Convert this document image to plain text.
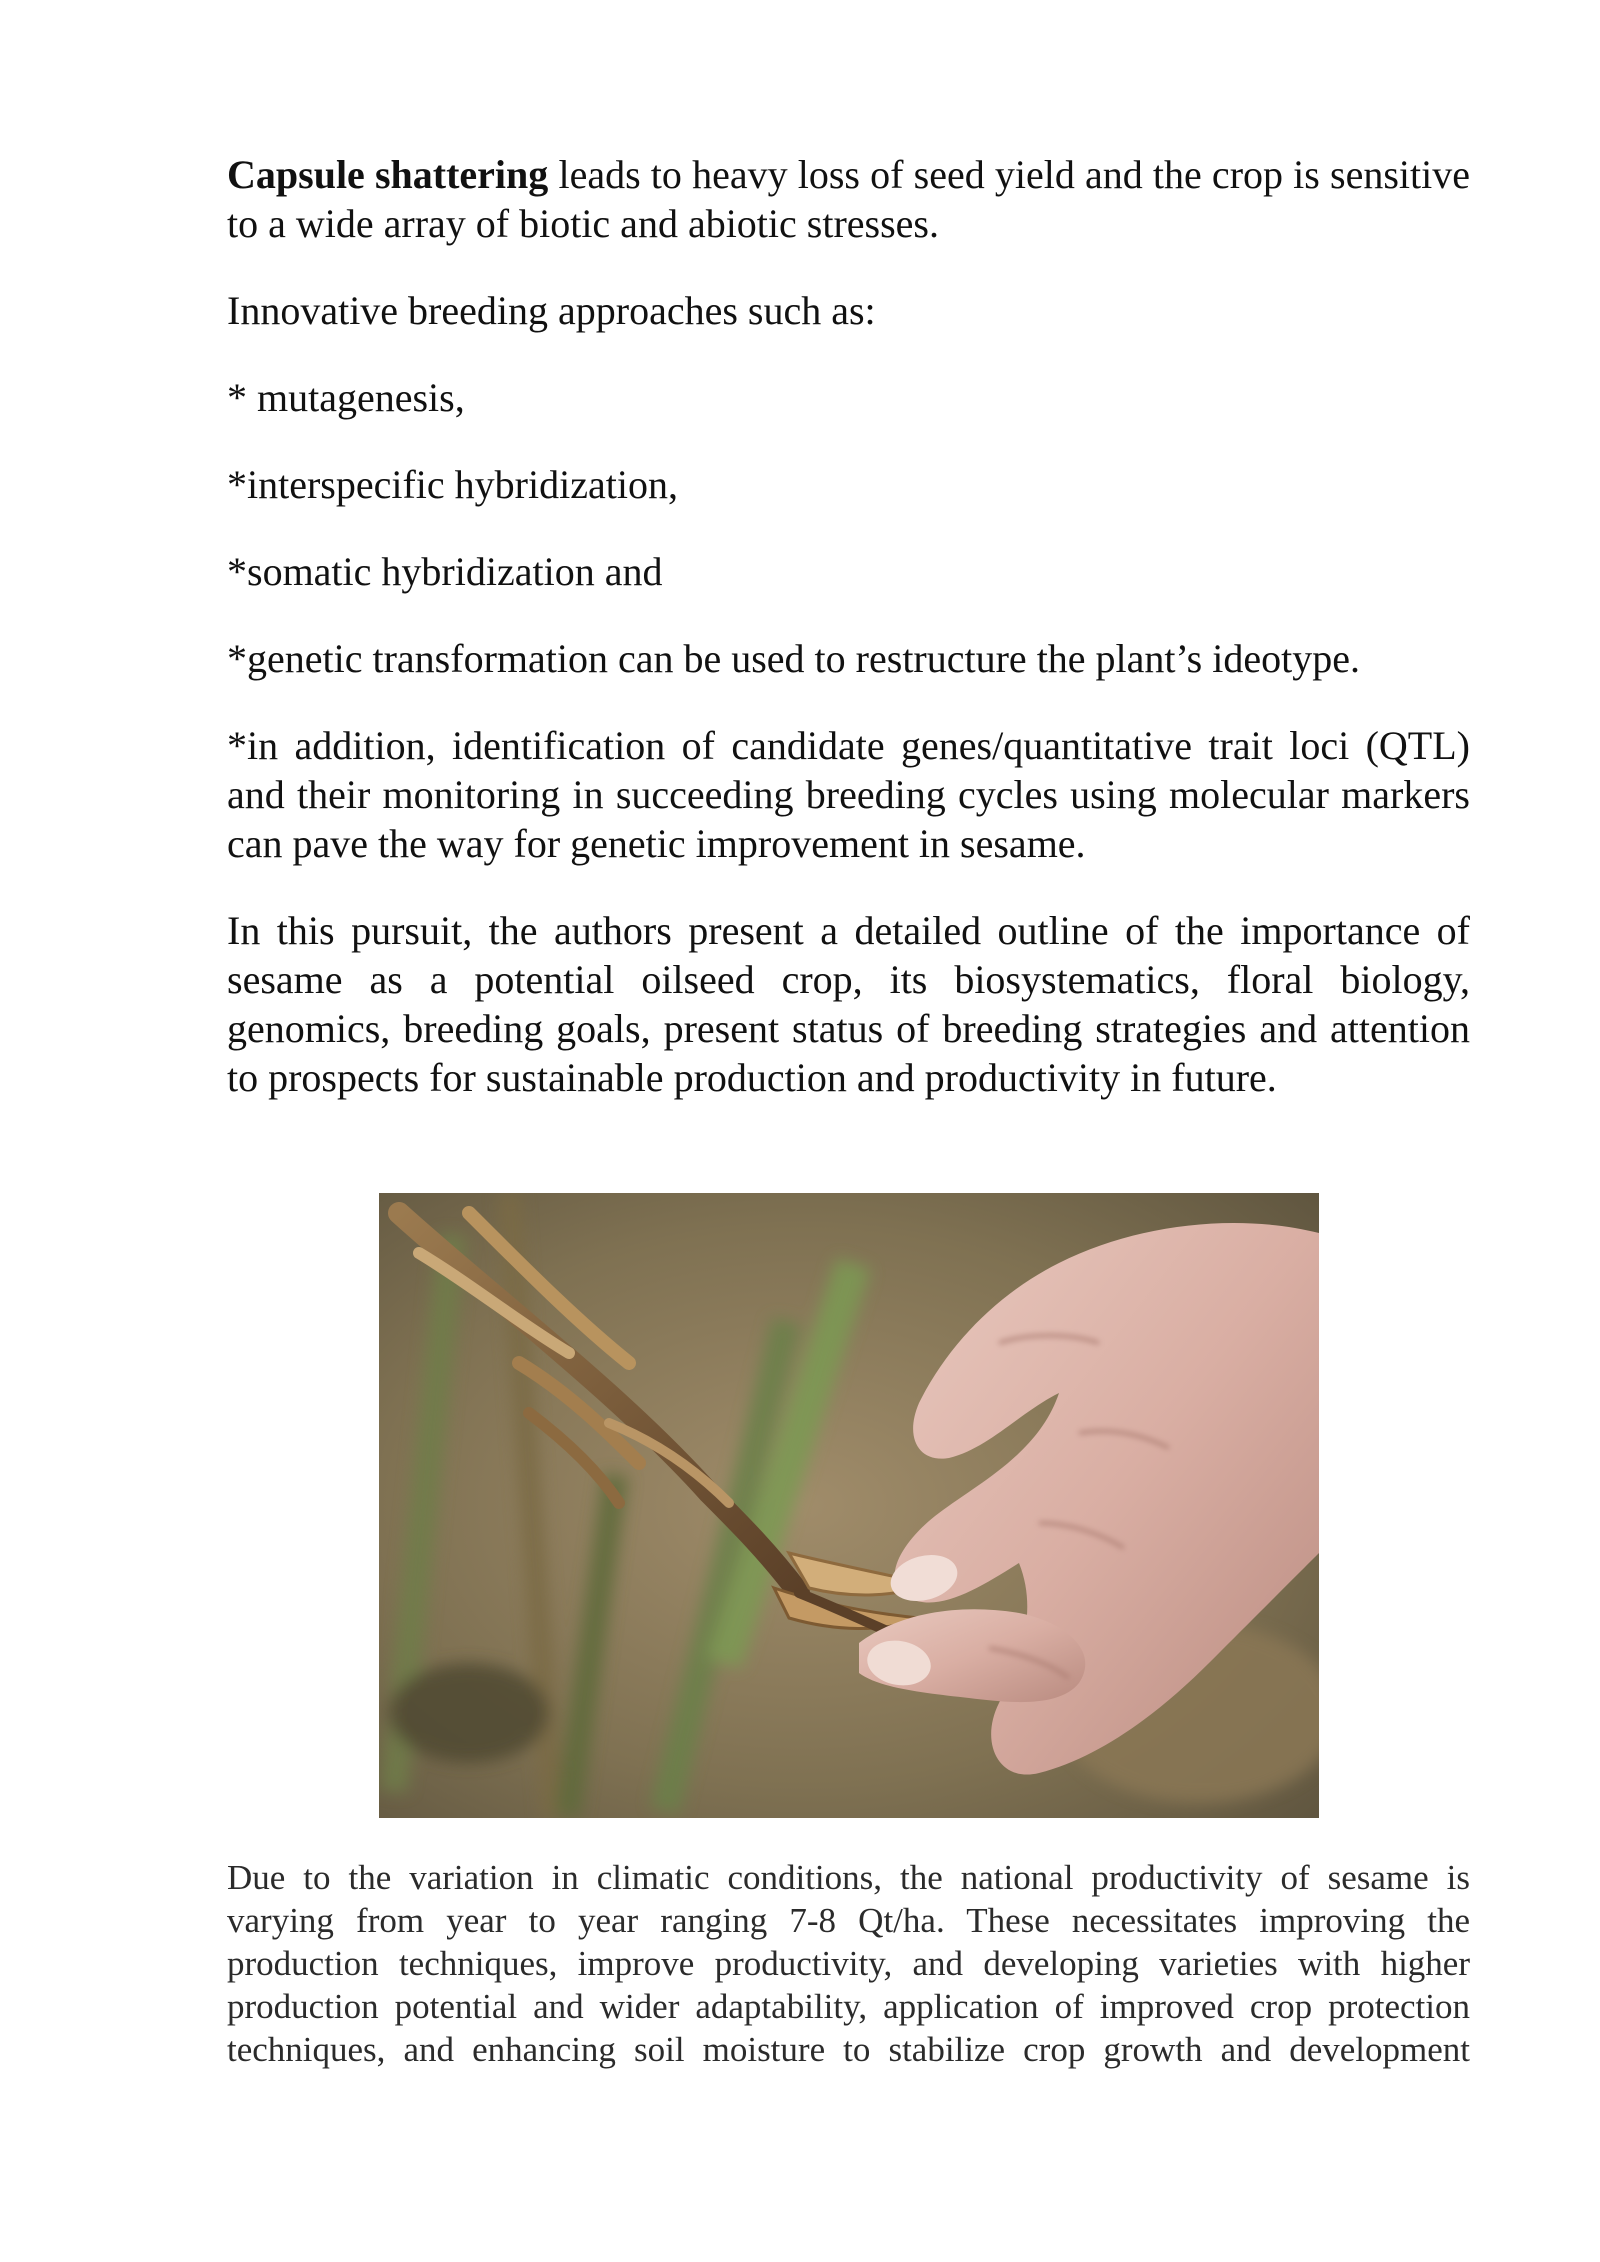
Capsule shattering leads to heavy loss of seed yield and the crop is sensitive to a wide array of biotic and abiotic stresses.

Innovative breeding approaches such as:

* mutagenesis,

*interspecific hybridization,

*somatic hybridization and

*genetic transformation can be used to restructure the plant’s ideotype.

*in addition, identification of candidate genes/quantitative trait loci (QTL) and their monitoring in succeeding breeding cycles using molecular markers can pave the way for genetic improvement in sesame.

In this pursuit, the authors present a detailed outline of the importance of sesame as a potential oilseed crop, its biosystematics, floral biology, genomics, breeding goals, present status of breeding strategies and attention to prospects for sustainable production and productivity in future.

Due to the variation in climatic conditions, the national productivity of sesame is varying from year to year ranging 7-8 Qt/ha. These necessitates improving the production techniques, improve productivity, and developing varieties with higher production potential and wider adaptability, application of improved crop protection techniques, and enhancing soil moisture to stabilize crop growth and development
